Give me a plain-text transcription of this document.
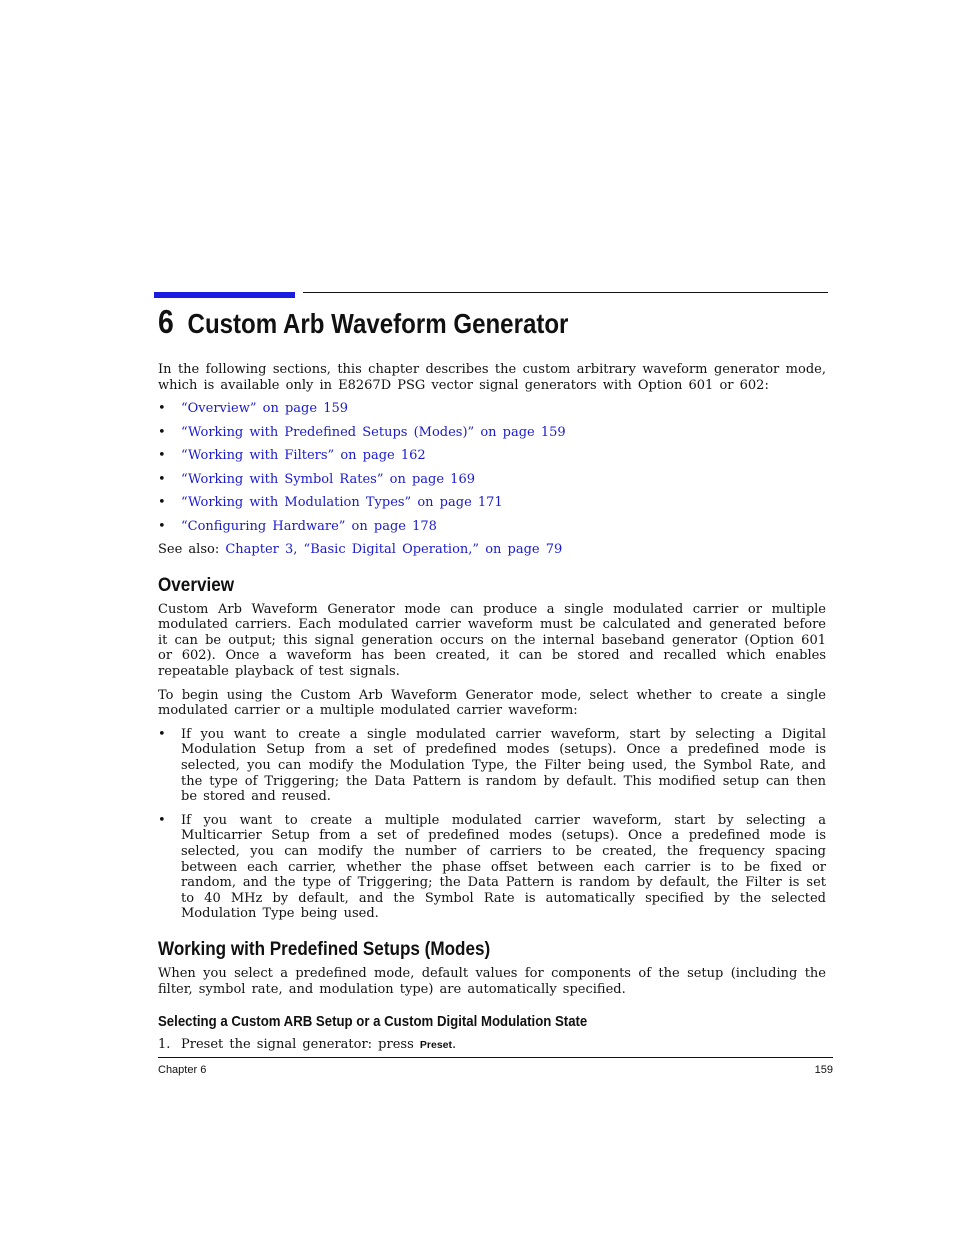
6 Custom Arb Waveform Generator

In the following sections, this chapter describes the custom arbitrary waveform generator mode, which is available only in E8267D PSG vector signal generators with Option 601 or 602:

• “Overview” on page 159
• “Working with Predefined Setups (Modes)” on page 159
• “Working with Filters” on page 162
• “Working with Symbol Rates” on page 169
• “Working with Modulation Types” on page 171
• “Configuring Hardware” on page 178

See also: Chapter 3, “Basic Digital Operation,” on page 79

Overview

Custom Arb Waveform Generator mode can produce a single modulated carrier or multiple modulated carriers. Each modulated carrier waveform must be calculated and generated before it can be output; this signal generation occurs on the internal baseband generator (Option 601 or 602). Once a waveform has been created, it can be stored and recalled which enables repeatable playback of test signals.

To begin using the Custom Arb Waveform Generator mode, select whether to create a single modulated carrier or a multiple modulated carrier waveform:

• If you want to create a single modulated carrier waveform, start by selecting a Digital Modulation Setup from a set of predefined modes (setups). Once a predefined mode is selected, you can modify the Modulation Type, the Filter being used, the Symbol Rate, and the type of Triggering; the Data Pattern is random by default. This modified setup can then be stored and reused.
• If you want to create a multiple modulated carrier waveform, start by selecting a Multicarrier Setup from a set of predefined modes (setups). Once a predefined mode is selected, you can modify the number of carriers to be created, the frequency spacing between each carrier, whether the phase offset between each carrier is to be fixed or random, and the type of Triggering; the Data Pattern is random by default, the Filter is set to 40 MHz by default, and the Symbol Rate is automatically specified by the selected Modulation Type being used.
Working with Predefined Setups (Modes)

When you select a predefined mode, default values for components of the setup (including the filter, symbol rate, and modulation type) are automatically specified.

Selecting a Custom ARB Setup or a Custom Digital Modulation State
1. Preset the signal generator: press Preset.
Chapter 6	159
